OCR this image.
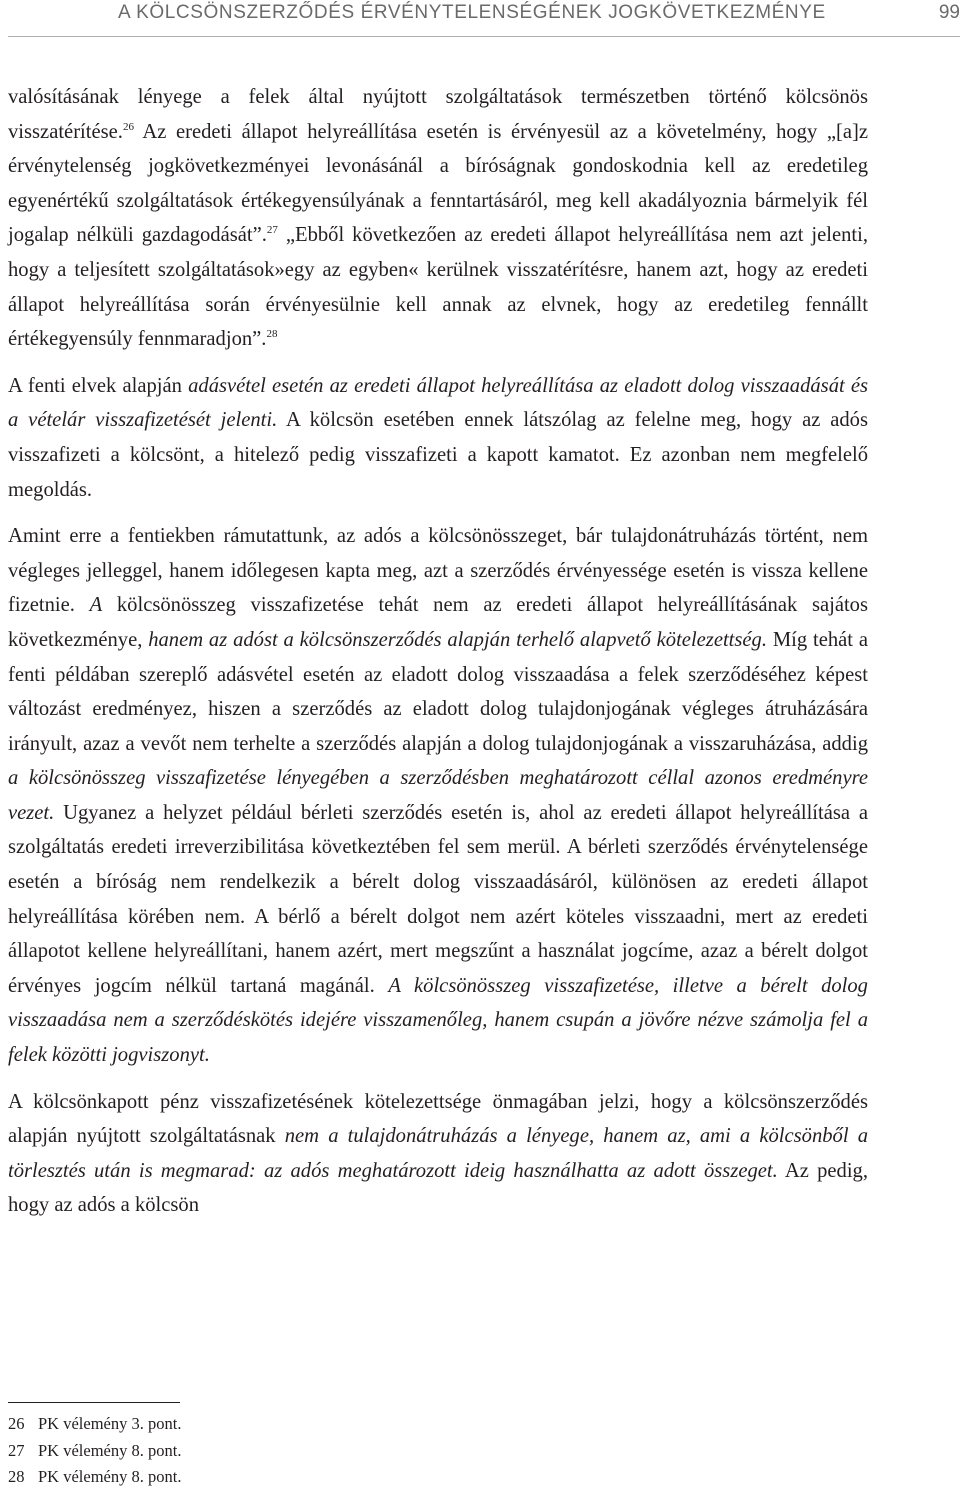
A KÖLCSÖNSZERZŐDÉS ÉRVÉNYTELENSÉGÉNEK JOGKÖVETKEZMÉNYE	99

valósításának lényege a felek által nyújtott szolgáltatások természetben történő kölcsönös visszatérítése.$^{26}$ Az eredeti állapot helyreállítása esetén is érvényesül az a követelmény, hogy „[a]z érvénytelenség jogkövetkezményei levonásánál a bíróságnak gondoskodnia kell az eredetileg egyenértékű szolgáltatások értékegyensúlyának a fenntartásáról, meg kell akadályoznia bármelyik fél jogalap nélküli gazdagodását”.$^{27}$ „Ebből következően az eredeti állapot helyreállítása nem azt jelenti, hogy a teljesített szolgáltatások»egy az egyben« kerülnek visszatérítésre, hanem azt, hogy az eredeti állapot helyreállítása során érvényesülnie kell annak az elvnek, hogy az eredetileg fennállt értékegyensúly fennmaradjon”.$^{28}$

A fenti elvek alapján adásvétel esetén az eredeti állapot helyreállítása az eladott dolog visszaadását és a vételár visszafizetését jelenti. A kölcsön esetében ennek látszólag az felelne meg, hogy az adós visszafizeti a kölcsönt, a hitelező pedig visszafizeti a kapott kamatot. Ez azonban nem megfelelő megoldás.

Amint erre a fentiekben rámutattunk, az adós a kölcsönösszeget, bár tulajdonátruházás történt, nem végleges jelleggel, hanem időlegesen kapta meg, azt a szerződés érvényessége esetén is vissza kellene fizetnie. A kölcsönösszeg visszafizetése tehát nem az eredeti állapot helyreállításának sajátos következménye, hanem az adóst a kölcsönszerződés alapján terhelő alapvető kötelezettség. Míg tehát a fenti példában szereplő adásvétel esetén az eladott dolog visszaadása a felek szerződéséhez képest változást eredményez, hiszen a szerződés az eladott dolog tulajdonjogának végleges átruházására irányult, azaz a vevőt nem terhelte a szerződés alapján a dolog tulajdonjogának a visszaruházása, addig a kölcsönösszeg visszafizetése lényegében a szerződésben meghatározott céllal azonos eredményre vezet. Ugyanez a helyzet például bérleti szerződés esetén is, ahol az eredeti állapot helyreállítása a szolgáltatás eredeti irreverzibilitása következtében fel sem merül. A bérleti szerződés érvénytelensége esetén a bíróság nem rendelkezik a bérelt dolog visszaadásáról, különösen az eredeti állapot helyreállítása körében nem. A bérlő a bérelt dolgot nem azért köteles visszaadni, mert az eredeti állapotot kellene helyreállítani, hanem azért, mert megszűnt a használat jogcíme, azaz a bérelt dolgot érvényes jogcím nélkül tartaná magánál. A kölcsönösszeg visszafizetése, illetve a bérelt dolog visszaadása nem a szerződéskötés idejére visszamenőleg, hanem csupán a jövőre nézve számolja fel a felek közötti jogviszonyt.

A kölcsönkapott pénz visszafizetésének kötelezettsége önmagában jelzi, hogy a kölcsönszerződés alapján nyújtott szolgáltatásnak nem a tulajdonátruházás a lényege, hanem az, ami a kölcsönből a törlesztés után is megmarad: az adós meghatározott ideig használhatta az adott összeget. Az pedig, hogy az adós a kölcsön

26 PK vélemény 3. pont.
27 PK vélemény 8. pont.
28 PK vélemény 8. pont.
